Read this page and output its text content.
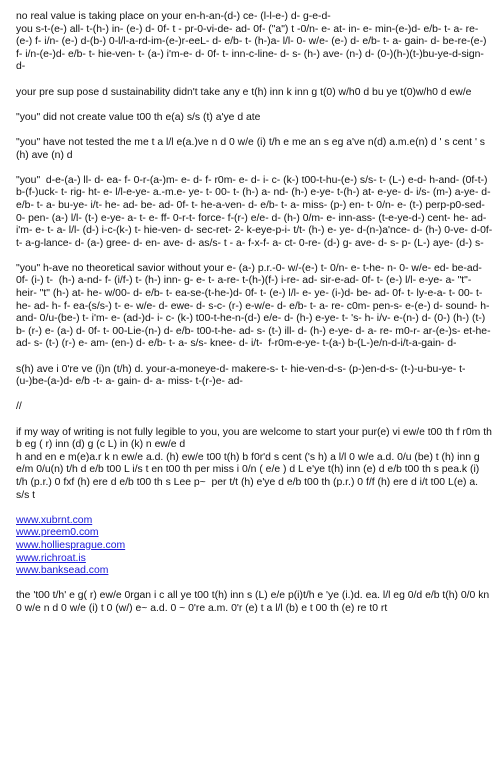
no real value is taking place on your en-h-an-(d-) ce- (l-l-e-) d- g-e-d-
you s-t-(e-) all- t-(h-) in- (e-) d- 0f- t - pr-0-vi-de- ad- 0f- ("a") t -0/n- e- at- in- e- min-(e-)d- e/b- t- a- re- (e-) f- i/n- (e-) d-(b-) 0-l/l-a-rd-im-(e-)r-eeL- d- e/b- t- (h-)a- l/l- 0- w/e- (e-) d- e/b- t- a- gain- d- be-re-(e-) f- i/n-(e-)d- e/b- t- hie-ven- t- (a-) i'm-e- d- 0f- t- inn-c-line- d- s- (h-) ave- (n-) d- (0-)(h-)(t-)bu-ye-d-sign-d-

your pre sup pose d sustainability didn't take any e t(h) inn k inn g t(0) w/h0 d bu ye t(0)w/h0 d ew/e

"you" did not create value t00 th e(a) s/s (t) a'ye d ate

"you" have not tested the me t a l/l e(a.)ve n d 0 w/e (i) t/h e me an s eg a've n(d) a.m.e(n) d ' s cent ' s (h) ave (n) d

"you"  d-e-(a-) ll- d- ea- f- 0-r-(a-)m- e- d- f- r0m- e- d- i- c- (k-) t00-t-hu-(e-) s/s- t- (L-) e-d- h-and- (0f-t-) b-(f-)uck- t- rig- ht- e- l/l-e-ye- a.-m.e- ye- t- 00- t- (h-) a- nd- (h-) e-ye- t-(h-) at- e-ye- d- i/s- (m-) a-ye- d- e/b- t- a- bu-ye- i/t- he- ad- be- ad- 0f- t- he-a-ven- d- e/b- t- a- miss- (p-) en- t- 0/n- e- (t-) perp-p0-sed- 0- pen- (a-) l/l- (t-) e-ye- a- t- e- ff- 0-r-t- force- f-(r-) e/e- d- (h-) 0/m- e- inn-ass- (t-e-ye-d-) cent- he- ad- i'm- e- t- a- l/l- (d-) i-c-(k-) t- hie-ven- d- sec-ret- 2- k-eye-p-i- t/t- (h-) e- ye- d-(n-)a'nce- d- (h-) 0-ve- d-0f- t- a-g-lance- d- (a-) gree- d- en- ave- d- as/s- t - a- f-x-f- a- ct- 0-re- (d-) g- ave- d- s- p- (L-) aye- (d-) s-

"you" h-ave no theoretical savior without your e- (a-) p.r.-0- w/-(e-) t- 0/n- e- t-he- n- 0- w/e- ed- be-ad- 0f- (i-) t-  (h-) a-nd- f- (i/f-) t- (h-) inn- g- e- t- a-re- t-(h-)(f-) i-re- ad- sir-e-ad- 0f- t- (e-) l/l- e-ye- a- "t"- heir- "t" (h-) at- he- w/00- d- e/b- t- ea-se-(t-he-)d- 0f- t- (e-) l/l- e- ye- (i-)d- be- ad- 0f- t- ly-e-a- t- 00- t-he- ad- h- f- ea-(s/s-) t- e- w/e- d- ewe- d- s-c- (r-) e-w/e- d- e/b- t- a- re- c0m- pen-s- e-(e-) d- sound- h- and- 0/u-(be-) t- i'm- e- (ad-)d- i- c- (k-) t00-t-he-n-(d-) e/e- d- (h-) e-ye- t- 's- h- i/v- e-(n-) d- (0-) (h-) (t-) b- (r-) e- (a-) d- 0f- t- 00-Lie-(n-) d- e/b- t00-t-he- ad- s- (t-) ill- d- (h-) e-ye- d- a- re- m0-r- ar-(e-)s- et-he- ad- s- (t-) (r-) e- am- (en-) d- e/b- t- a- s/s- knee- d- i/t-  f-r0m-e-ye- t-(a-) b-(L-)e/n-d-i/t-a-gain- d-

s(h) ave i 0're ve (i)n (t/h) d. your-a-moneye-d- makere-s- t- hie-ven-d-s- (p-)en-d-s- (t-)-u-bu-ye- t-(u-)be-(a-)d- e/b -t- a- gain- d- a- miss- t-(r-)e- ad-

//

if my way of writing is not fully legible to you, you are welcome to start your pur(e) vi ew/e t00 th f r0m th b eg ( r) inn (d) g (c L) in (k) n ew/e d
h and en e m(e)a.r k n ew/e a.d. (h) ew/e t00 t(h) b f0r'd s cent ('s h) a l/l 0 w/e a.d. 0/u (be) t (h) inn g e/m 0/u(n) t/h d e/b t00 L i/s t en t00 th per miss i 0/n ( e/e ) d L e'ye t(h) inn (e) d e/b t00 th s pea.k (i) t/h (p.r.) 0 fxf (h) ere d e/b t00 th s Lee p~  per t/t (h) e'ye d e/b t00 th (p.r.) 0 f/f (h) ere d i/t t00 L(e) a. s/s t

www.xubrnt.com
www.preem0.com
www.holliesprague.com
www.richroat.is
www.banksead.com

the 't00 t/h' e g( r) ew/e 0rgan i c all ye t00 t(h) inn s (L) e/e p(i)t/h e 'ye (i.)d. ea. l/l eg 0/d e/b t(h) 0/0 kn 0 w/e n d 0 w/e (i) t 0 (w/) e~ a.d. 0 ~ 0're a.m. 0'r (e) t a l/l (b) e t 00 th (e) re t0 rt
